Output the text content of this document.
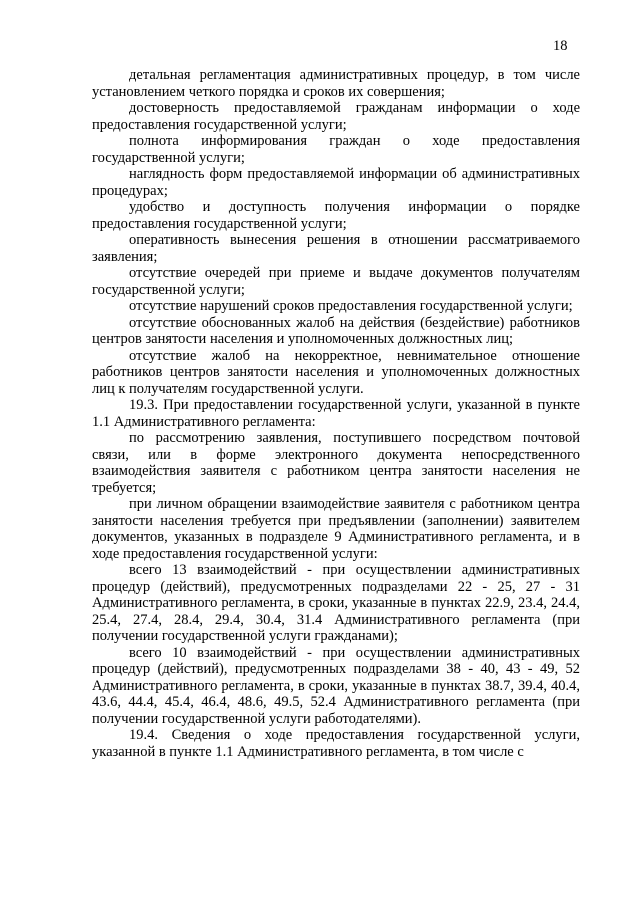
18

детальная регламентация административных процедур, в том числе установлением четкого порядка и сроков их совершения;

достоверность предоставляемой гражданам информации о ходе предоставления государственной услуги;

полнота информирования граждан о ходе предоставления государственной услуги;

наглядность форм предоставляемой информации об административных процедурах;

удобство и доступность получения информации о порядке предоставления государственной услуги;

оперативность вынесения решения в отношении рассматриваемого заявления;

отсутствие очередей при приеме и выдаче документов получателям государственной услуги;

отсутствие нарушений сроков предоставления государственной услуги;

отсутствие обоснованных жалоб на действия (бездействие) работников центров занятости населения и уполномоченных должностных лиц;

отсутствие жалоб на некорректное, невнимательное отношение работников центров занятости населения и уполномоченных должностных лиц к получателям государственной услуги.

19.3. При предоставлении государственной услуги, указанной в пункте 1.1 Административного регламента:

по рассмотрению заявления, поступившего посредством почтовой связи, или в форме электронного документа непосредственного взаимодействия заявителя с работником центра занятости населения не требуется;

при личном обращении взаимодействие заявителя с работником центра занятости населения требуется при предъявлении (заполнении) заявителем документов, указанных в подразделе 9 Административного регламента, и в ходе предоставления государственной услуги:

всего 13 взаимодействий - при осуществлении административных процедур (действий), предусмотренных подразделами 22 - 25, 27 - 31 Административного регламента, в сроки, указанные в пунктах 22.9, 23.4, 24.4, 25.4, 27.4, 28.4, 29.4, 30.4, 31.4 Административного регламента (при получении государственной услуги гражданами);

всего 10 взаимодействий - при осуществлении административных процедур (действий), предусмотренных подразделами 38 - 40, 43 - 49, 52 Административного регламента, в сроки, указанные в пунктах 38.7, 39.4, 40.4, 43.6, 44.4, 45.4, 46.4, 48.6, 49.5, 52.4 Административного регламента (при получении государственной услуги работодателями).

19.4. Сведения о ходе предоставления государственной услуги, указанной в пункте 1.1 Административного регламента, в том числе с
